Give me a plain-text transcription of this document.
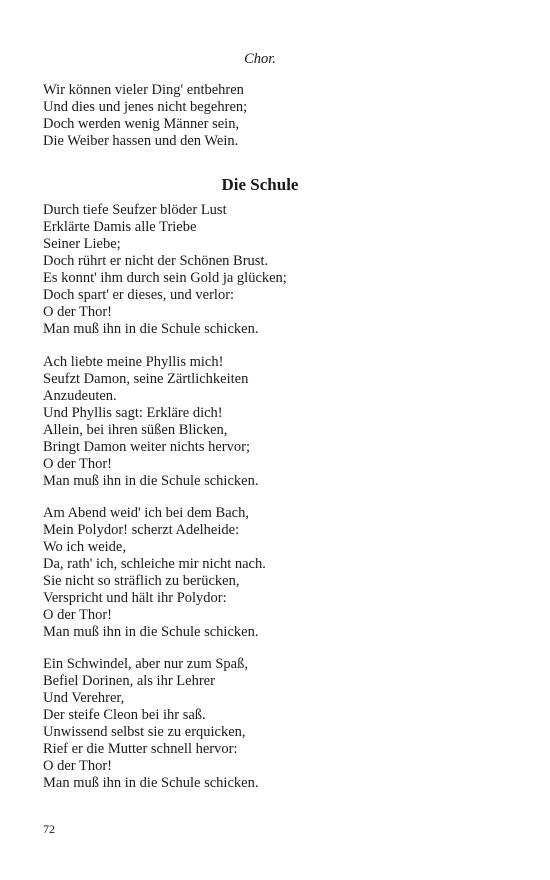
Chor.
Wir können vieler Ding' entbehren
Und dies und jenes nicht begehren;
Doch werden wenig Männer sein,
Die Weiber hassen und den Wein.
Die Schule
Durch tiefe Seufzer blöder Lust
Erklärte Damis alle Triebe
Seiner Liebe;
Doch rührt er nicht der Schönen Brust.
Es konnt' ihm durch sein Gold ja glücken;
Doch spart' er dieses, und verlor:
O der Thor!
Man muß ihn in die Schule schicken.
Ach liebte meine Phyllis mich!
Seufzt Damon, seine Zärtlichkeiten
Anzudeuten.
Und Phyllis sagt: Erkläre dich!
Allein, bei ihren süßen Blicken,
Bringt Damon weiter nichts hervor;
O der Thor!
Man muß ihn in die Schule schicken.
Am Abend weid' ich bei dem Bach,
Mein Polydor! scherzt Adelheide:
Wo ich weide,
Da, rath' ich, schleiche mir nicht nach.
Sie nicht so sträflich zu berücken,
Verspricht und hält ihr Polydor:
O der Thor!
Man muß ihn in die Schule schicken.
Ein Schwindel, aber nur zum Spaß,
Befiel Dorinen, als ihr Lehrer
Und Verehrer,
Der steife Cleon bei ihr saß.
Unwissend selbst sie zu erquicken,
Rief er die Mutter schnell hervor:
O der Thor!
Man muß ihn in die Schule schicken.
72
